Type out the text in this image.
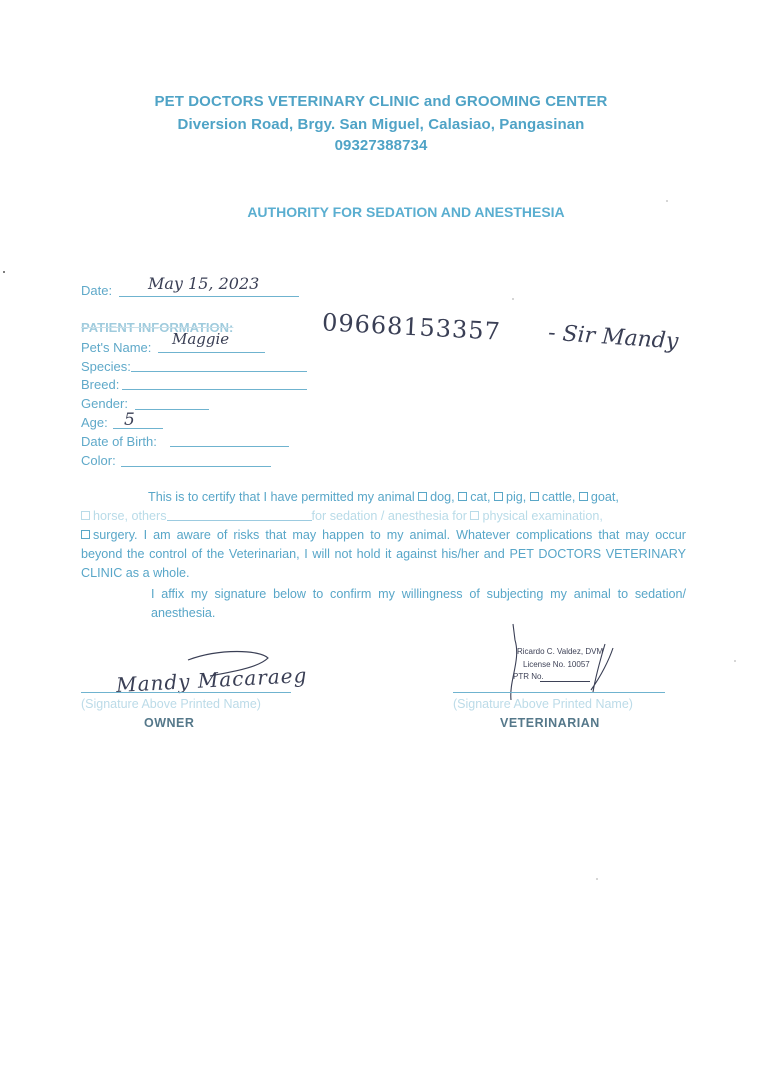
PET DOCTORS VETERINARY CLINIC and GROOMING CENTER
Diversion Road, Brgy. San Miguel, Calasiao, Pangasinan
09327388734
AUTHORITY FOR SEDATION AND ANESTHESIA
Date: May 15, 2023
09668153357 - Sir Mandy
PATIENT INFORMATION:
Pet's Name: Maggie
Species:
Breed:
Gender:
Age: 5
Date of Birth:
Color:
This is to certify that I have permitted my animal dog, cat, pig, cattle, goat,
horse, others	for sedation / anesthesia for physical examination,
surgery. I am aware of risks that may happen to my animal. Whatever complications that may occur beyond the control of the Veterinarian, I will not hold it against his/her and PET DOCTORS VETERINARY CLINIC as a whole.
I affix my signature below to confirm my willingness of subjecting my animal to sedation/ anesthesia.
Mandy Macaraeg
(Signature Above Printed Name)
OWNER
Ricardo C. Valdez, DVM
License No. 10057
PTR No.
(Signature Above Printed Name)
VETERINARIAN
